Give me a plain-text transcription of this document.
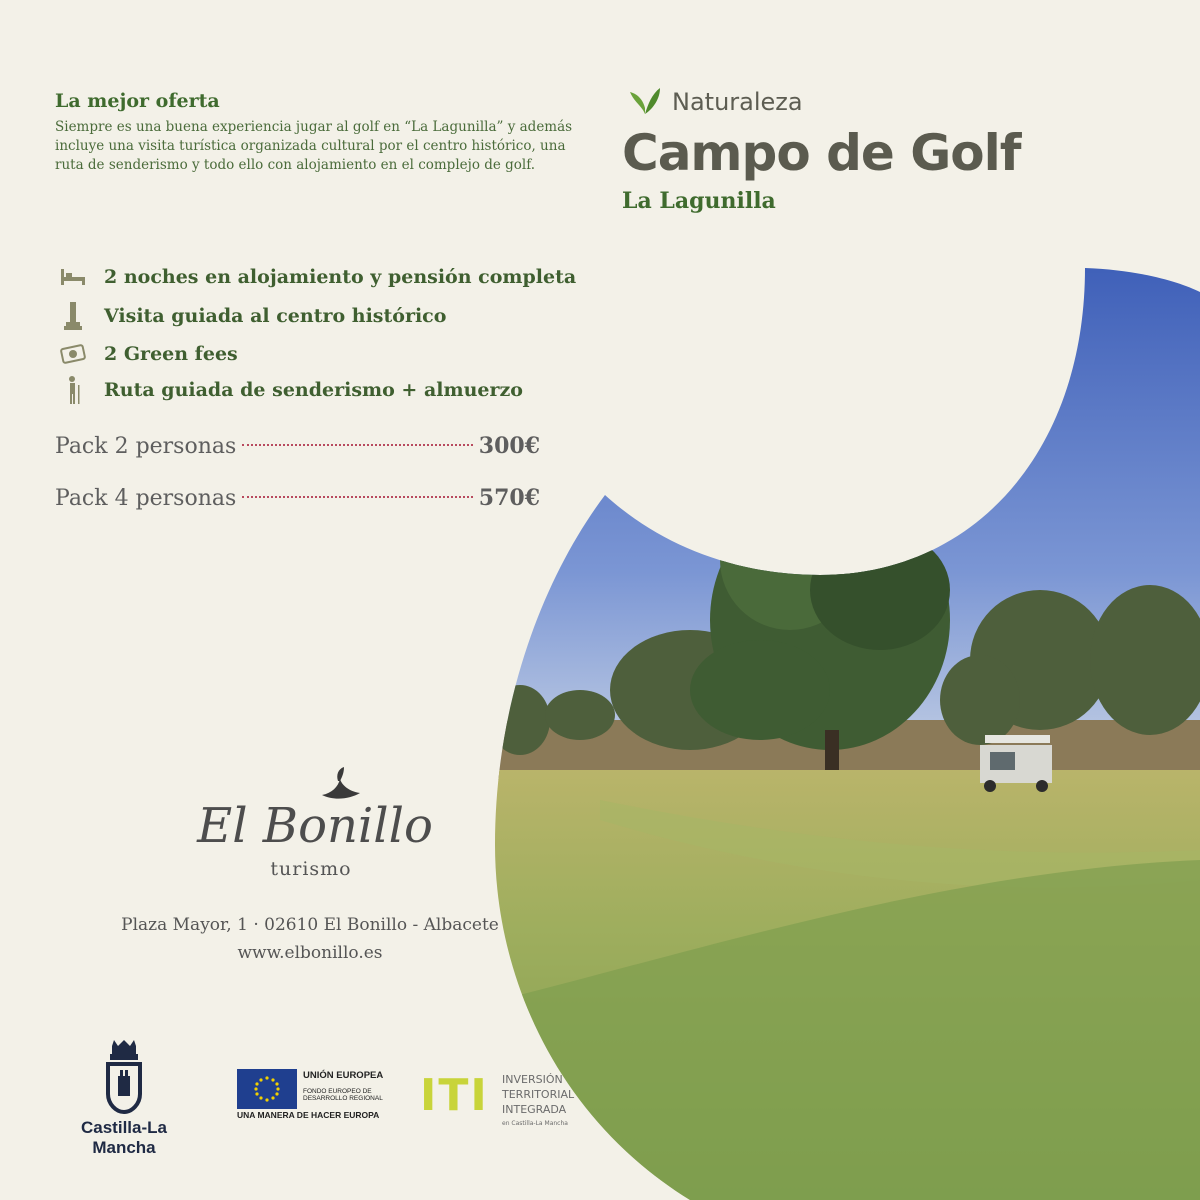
La mejor oferta
Siempre es una buena experiencia jugar al golf en “La Lagunilla” y además incluye una visita turística organizada cultural por el centro histórico, una ruta de senderismo y todo ello con alojamiento en el complejo de golf.
Naturaleza
Campo de Golf
La Lagunilla
2 noches en alojamiento y pensión completa
Visita guiada al centro histórico
2 Green fees
Ruta guiada de senderismo + almuerzo
Pack 2 personas	300€
Pack 4 personas	570€
El Bonillo
turismo
Plaza Mayor, 1 · 02610 El Bonillo - Albacete
www.elbonillo.es
Castilla-La Mancha
UNIÓN EUROPEA
FONDO EUROPEO DE
DESARROLLO REGIONAL
UNA MANERA DE HACER EUROPA ITI INVERSIÓN
TERRITORIAL
INTEGRADA
en Castilla-La Mancha
